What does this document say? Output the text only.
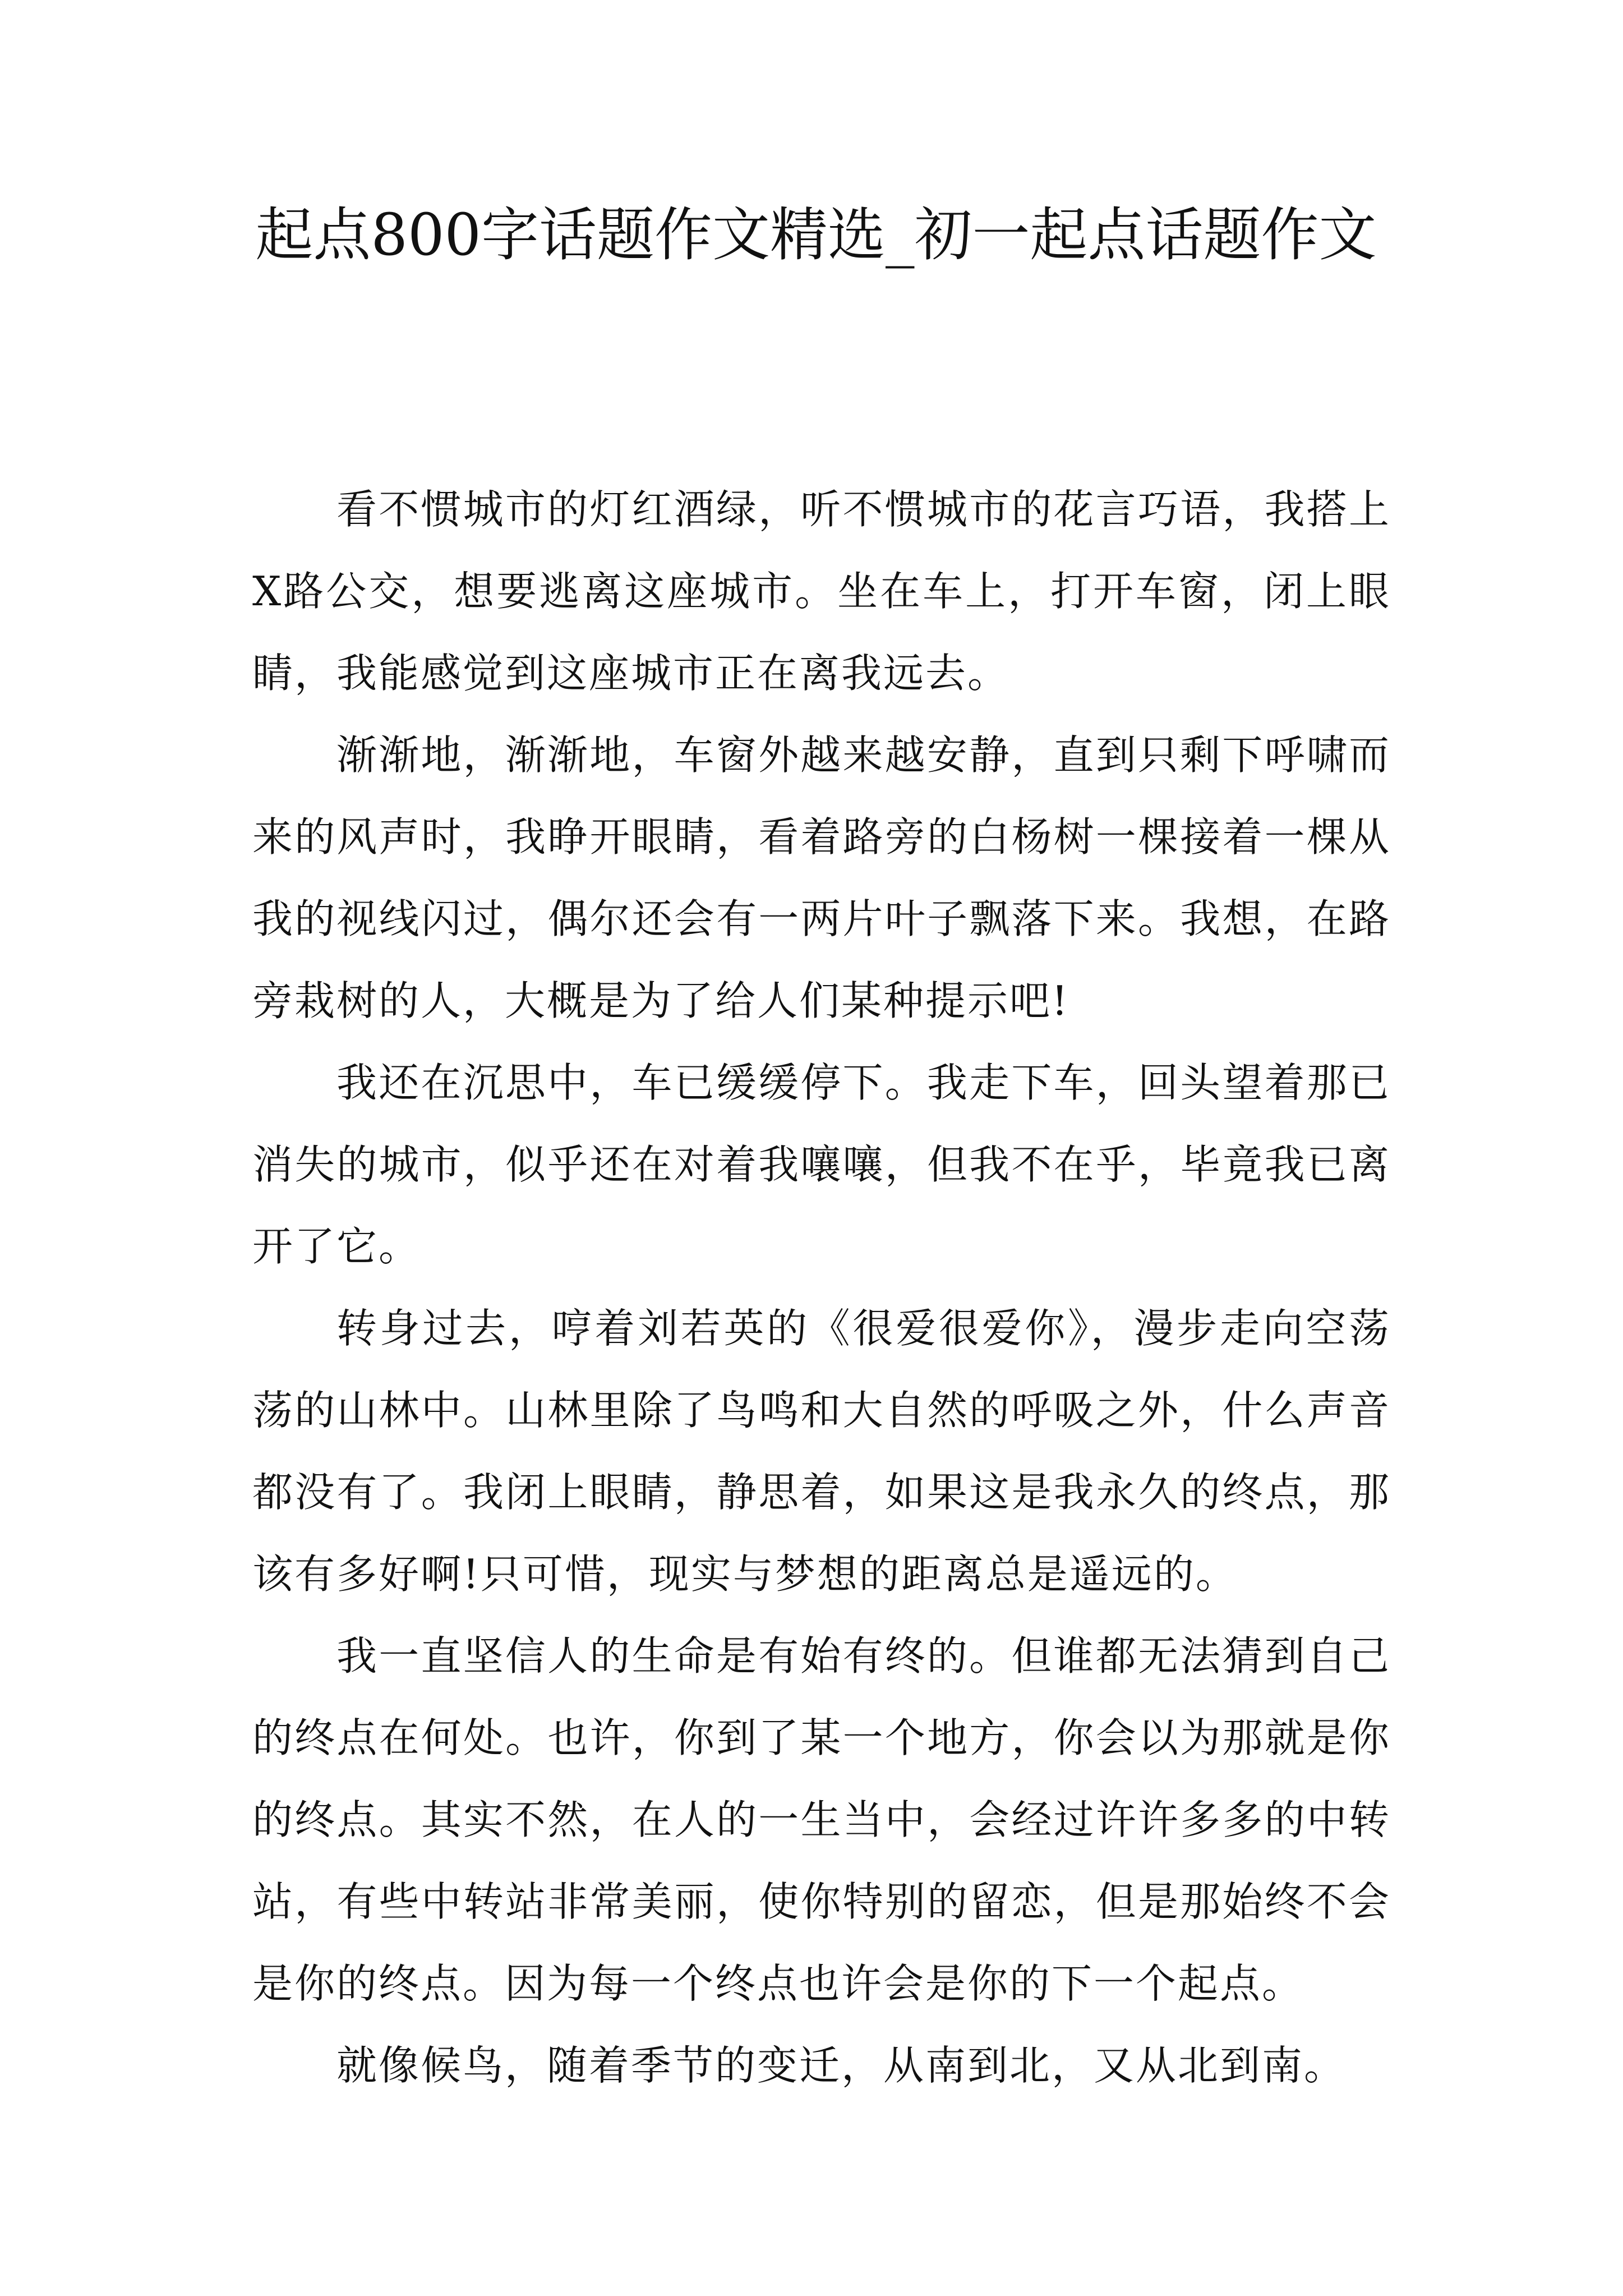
起点800字话题作文精选_初一起点话题作文

看不惯城市的灯红酒绿，听不惯城市的花言巧语，我搭上X路公交，想要逃离这座城市。坐在车上，打开车窗，闭上眼睛，我能感觉到这座城市正在离我远去。

渐渐地，渐渐地，车窗外越来越安静，直到只剩下呼啸而来的风声时，我睁开眼睛，看着路旁的白杨树一棵接着一棵从我的视线闪过，偶尔还会有一两片叶子飘落下来。我想，在路旁栽树的人，大概是为了给人们某种提示吧!

我还在沉思中，车已缓缓停下。我走下车，回头望着那已消失的城市，似乎还在对着我嚷嚷，但我不在乎，毕竟我已离开了它。

转身过去，哼着刘若英的《很爱很爱你》，漫步走向空荡荡的山林中。山林里除了鸟鸣和大自然的呼吸之外，什么声音都没有了。我闭上眼睛，静思着，如果这是我永久的终点，那该有多好啊!只可惜，现实与梦想的距离总是遥远的。

我一直坚信人的生命是有始有终的。但谁都无法猜到自己的终点在何处。也许，你到了某一个地方，你会以为那就是你的终点。其实不然，在人的一生当中，会经过许许多多的中转站，有些中转站非常美丽，使你特别的留恋，但是那始终不会是你的终点。因为每一个终点也许会是你的下一个起点。

就像候鸟，随着季节的变迁，从南到北，又从北到南。
